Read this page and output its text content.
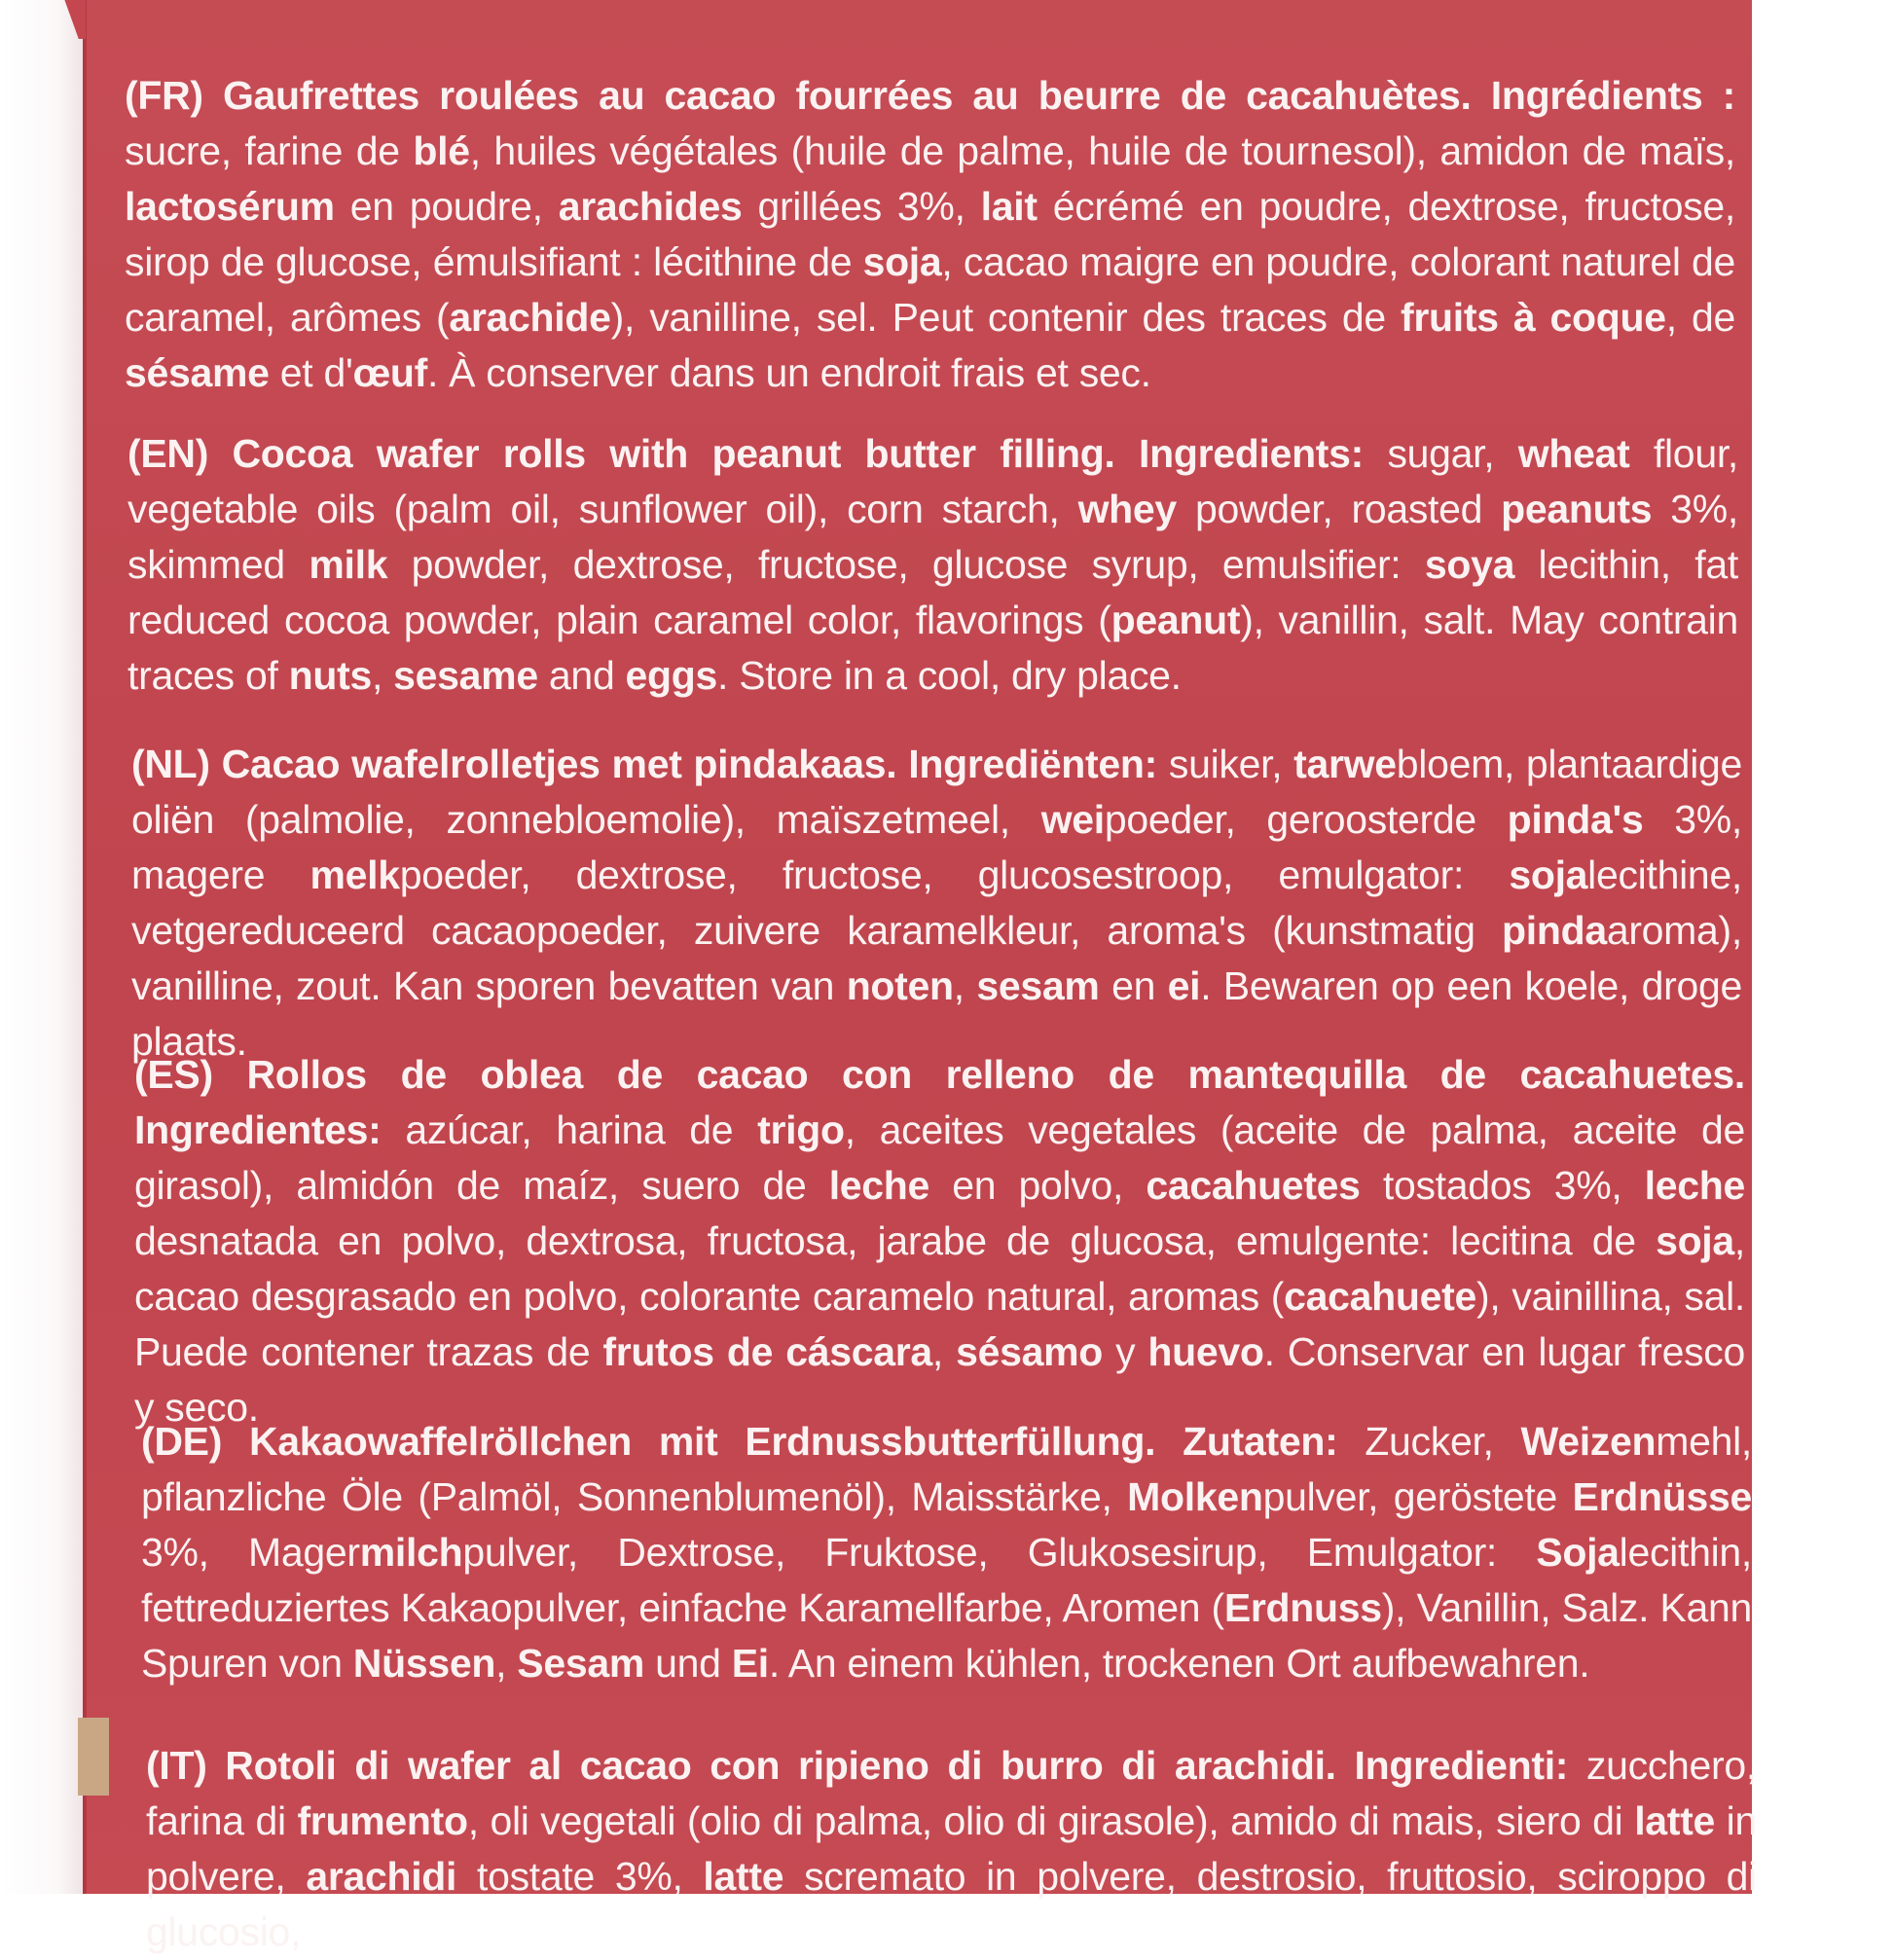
(FR) Gaufrettes roulées au cacao fourrées au beurre de cacahuètes. Ingrédients : sucre, farine de blé, huiles végétales (huile de palme, huile de tournesol), amidon de maïs, lactosérum en poudre, arachides grillées 3%, lait écrémé en poudre, dextrose, fructose, sirop de glucose, émulsifiant : lécithine de soja, cacao maigre en poudre, colorant naturel de caramel, arômes (arachide), vanilline, sel. Peut contenir des traces de fruits à coque, de sésame et d'œuf. À conserver dans un endroit frais et sec.

(EN) Cocoa wafer rolls with peanut butter filling. Ingredients: sugar, wheat flour, vegetable oils (palm oil, sunflower oil), corn starch, whey powder, roasted peanuts 3%, skimmed milk powder, dextrose, fructose, glucose syrup, emulsifier: soya lecithin, fat reduced cocoa powder, plain caramel color, flavorings (peanut), vanillin, salt. May contrain traces of nuts, sesame and eggs. Store in a cool, dry place.

(NL) Cacao wafelrolletjes met pindakaas. Ingrediënten: suiker, tarwebloem, plantaardige oliën (palmolie, zonnebloemolie), maïszetmeel, weipoeder, geroosterde pinda's 3%, magere melkpoeder, dextrose, fructose, glucosestroop, emulgator: sojalecithine, vetgereduceerd cacaopoeder, zuivere karamelkleur, aroma's (kunstmatig pindaaroma), vanilline, zout. Kan sporen bevatten van noten, sesam en ei. Bewaren op een koele, droge plaats.

(ES) Rollos de oblea de cacao con relleno de mantequilla de cacahuetes. Ingredientes: azúcar, harina de trigo, aceites vegetales (aceite de palma, aceite de girasol), almidón de maíz, suero de leche en polvo, cacahuetes tostados 3%, leche desnatada en polvo, dextrosa, fructosa, jarabe de glucosa, emulgente: lecitina de soja, cacao desgrasado en polvo, colorante caramelo natural, aromas (cacahuete), vainillina, sal. Puede contener trazas de frutos de cáscara, sésamo y huevo. Conservar en lugar fresco y seco.

(DE) Kakaowaffelröllchen mit Erdnussbutterfüllung. Zutaten: Zucker, Weizenmehl, pflanzliche Öle (Palmöl, Sonnenblumenöl), Maisstärke, Molkenpulver, geröstete Erdnüsse 3%, Magermilchpulver, Dextrose, Fruktose, Glukosesirup, Emulgator: Sojalecithin, fettreduziertes Kakaopulver, einfache Karamellfarbe, Aromen (Erdnuss), Vanillin, Salz. Kann Spuren von Nüssen, Sesam und Ei. An einem kühlen, trockenen Ort aufbewahren.

(IT) Rotoli di wafer al cacao con ripieno di burro di arachidi. Ingredienti: zucchero, farina di frumento, oli vegetali (olio di palma, olio di girasole), amido di mais, siero di latte in polvere, arachidi tostate 3%, latte scremato in polvere, destrosio, fruttosio, sciroppo di glucosio,
